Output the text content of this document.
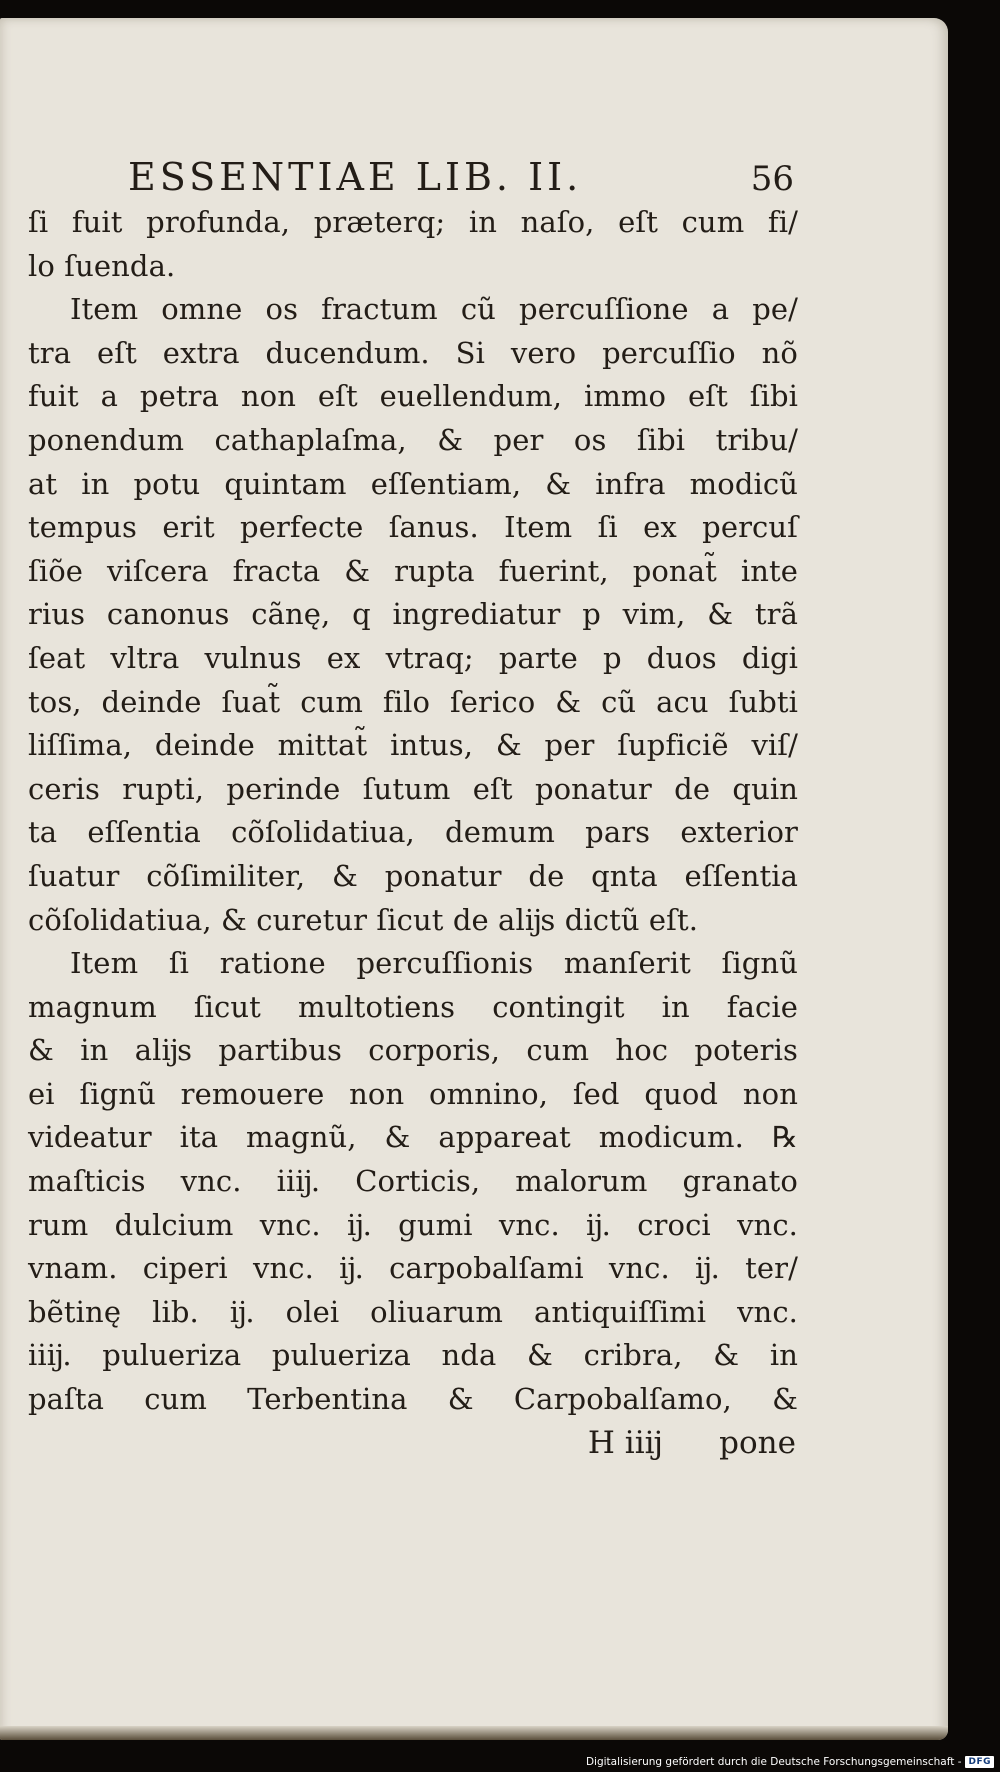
ESSENTIAE LIB. II.	56
ſi fuit profunda, præterq; in naſo, eſt cum fi/
lo ſuenda.
Item omne os fractum cũ percuſſione a pe/
tra eſt extra ducendum. Si vero percuſſio nõ
fuit a petra non eſt euellendum, immo eſt ſibi
ponendum cathaplaſma, & per os ſibi tribu/
at in potu quintam eſſentiam, & infra modicũ
tempus erit perfecte ſanus. Item ſi ex percuſ
ſiõe viſcera fracta & rupta fuerint, ponat̃ inte
rius canonus cãnę, q ingrediatur p vim, & trã
ſeat vltra vulnus ex vtraq; parte p duos digi
tos, deinde ſuat̃ cum filo ſerico & cũ acu ſubti
liſſima, deinde mittat̃ intus, & per ſupficiẽ viſ/
ceris rupti, perinde ſutum eſt ponatur de quin
ta eſſentia cõſolidatiua, demum pars exterior
ſuatur cõſimiliter, & ponatur de qnta eſſentia
cõſolidatiua, & curetur ſicut de alĳs dictũ eſt.
Item ſi ratione percuſſionis manſerit ſignũ
magnum ſicut multotiens contingit in facie
& in alĳs partibus corporis, cum hoc poteris
ei ſignũ remouere non omnino, ſed quod non
videatur ita magnũ, & appareat modicum. ℞
maſticis vnc. iiĳ. Corticis, malorum granato
rum dulcium vnc. ĳ. gumi vnc. ĳ. croci vnc.
vnam. ciperi vnc. ĳ. carpobalſami vnc. ĳ. ter/
bẽtinę lib. ĳ. olei oliuarum antiquiſſimi vnc.
iiĳ. pulueriza pulueriza nda & cribra, & in
paſta cum Terbentina & Carpobalſamo, &
H iiĳ pone
Digitalisierung gefördert durch die Deutsche Forschungsgemeinschaft - DFG
